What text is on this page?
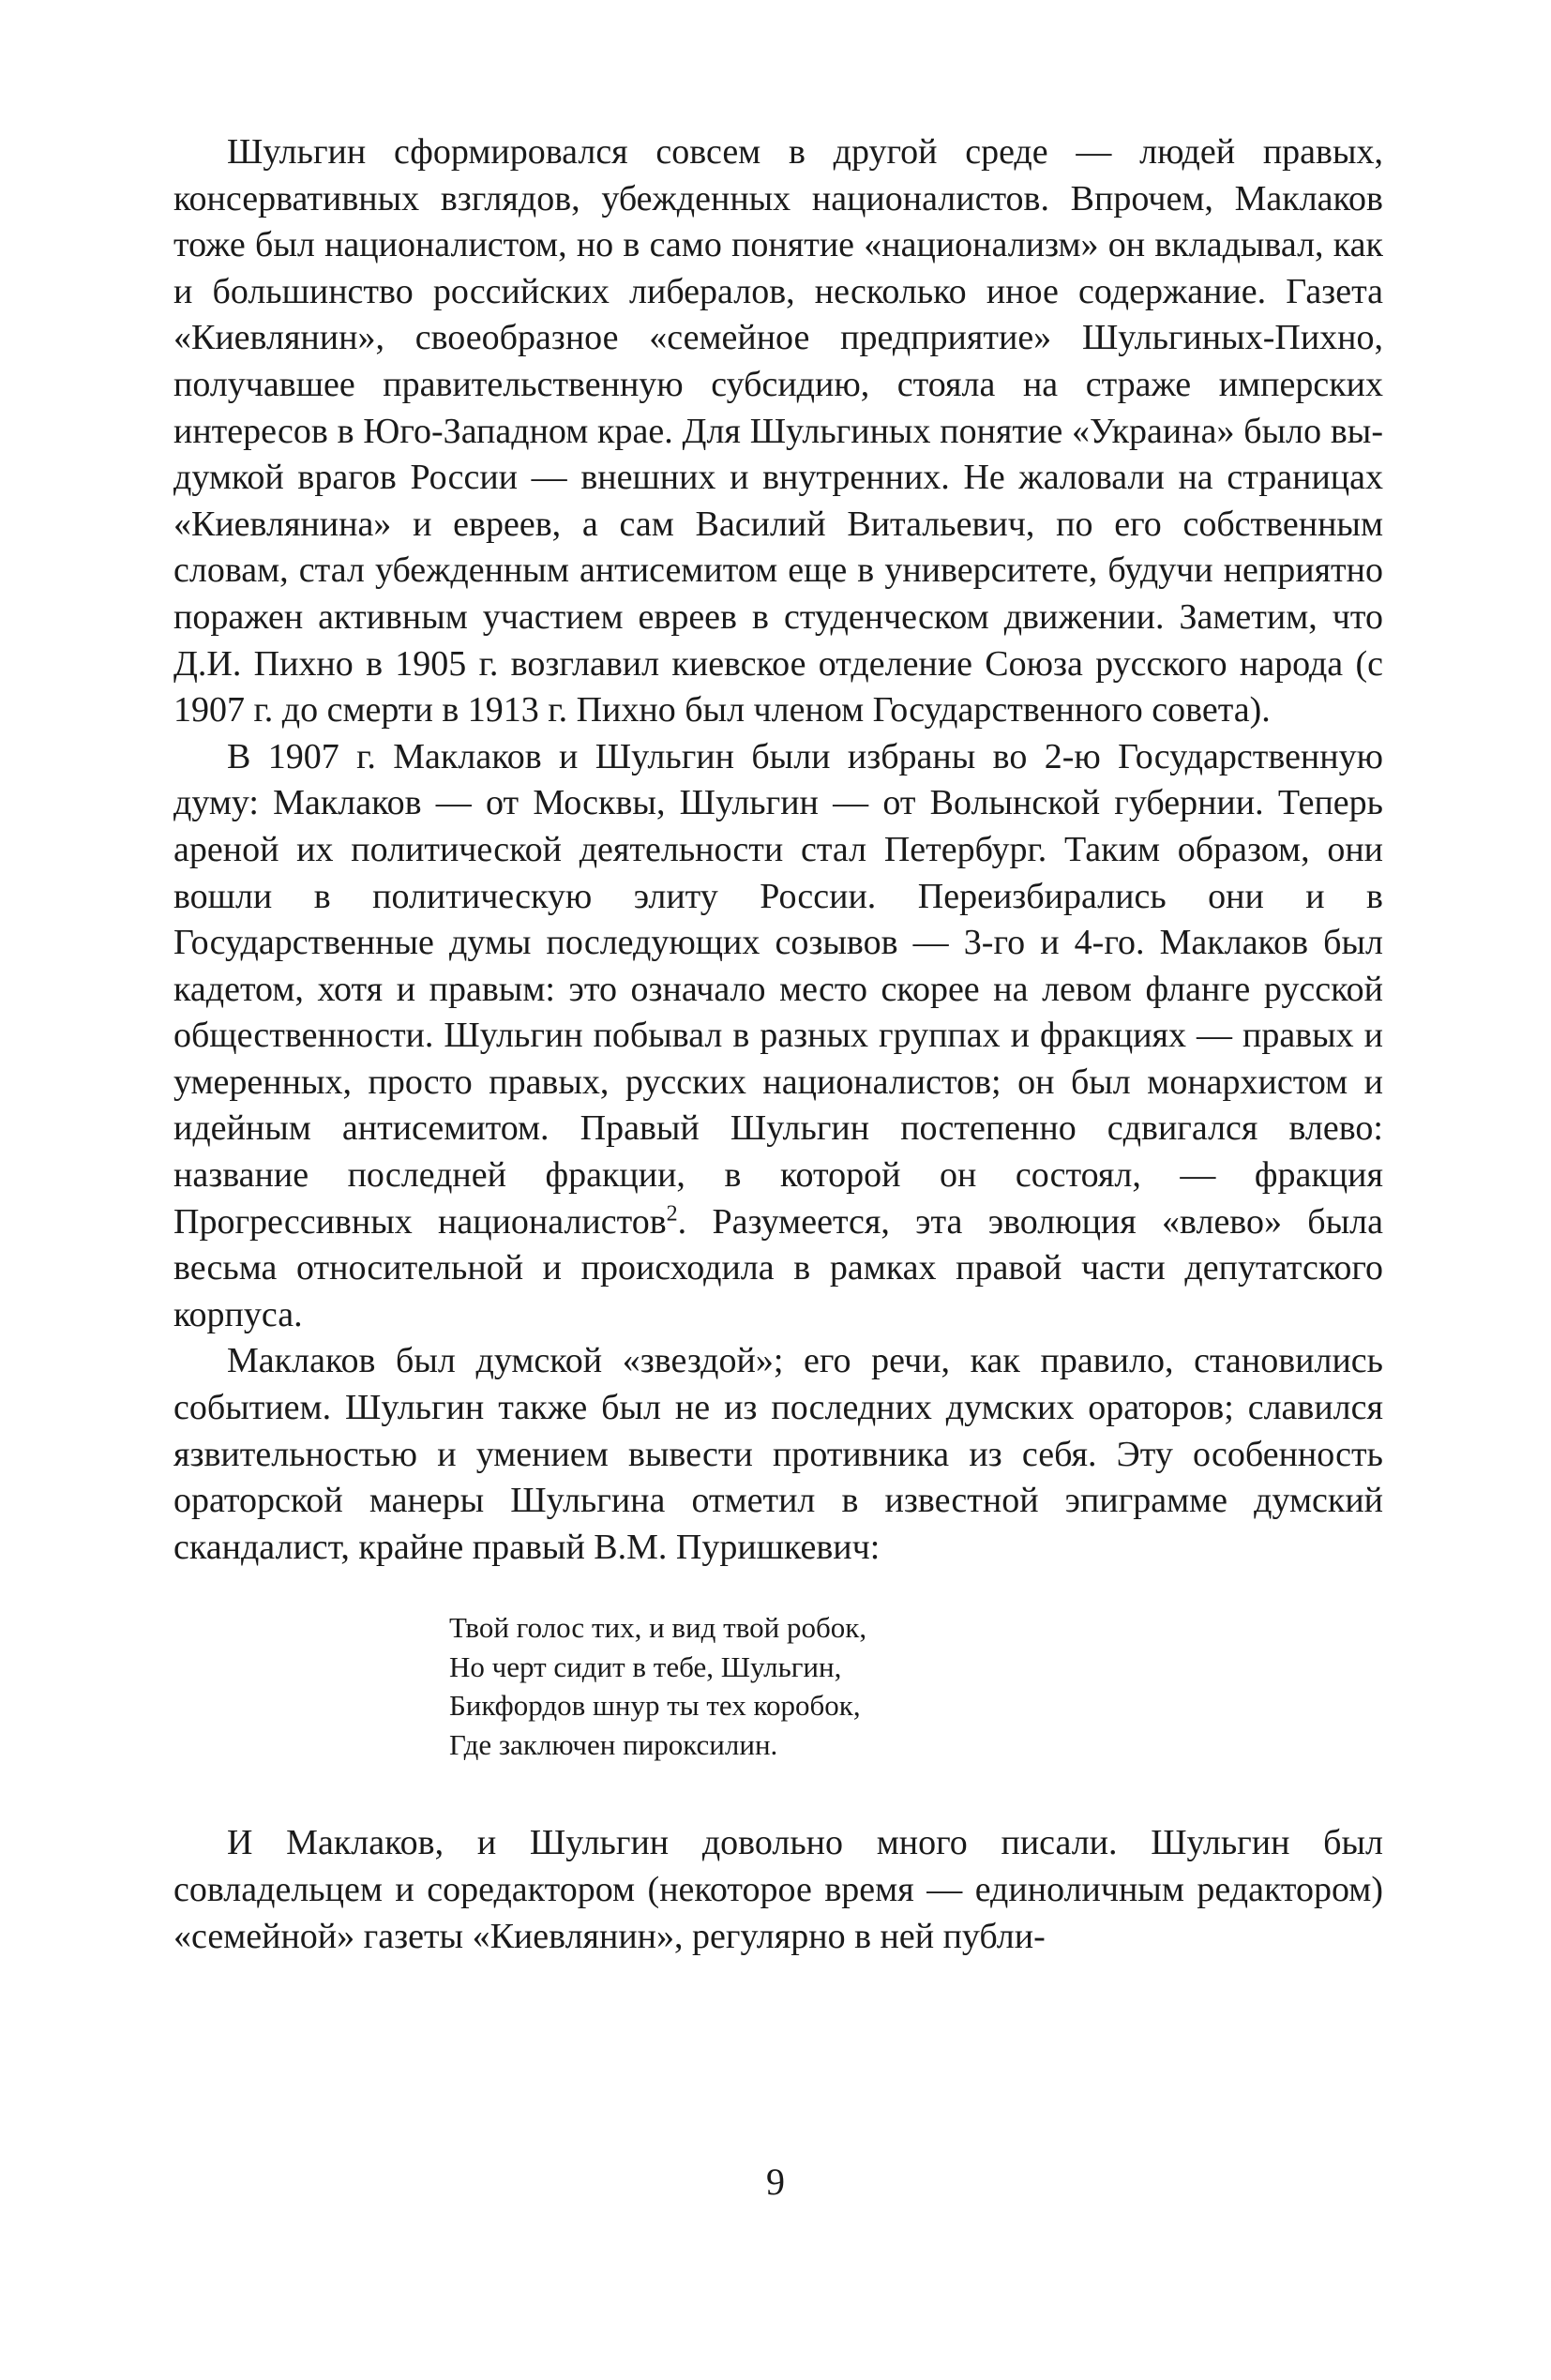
Шульгин сформировался совсем в другой среде — людей правых, консервативных взглядов, убежденных националистов. Впрочем, Маклаков тоже был националистом, но в само понятие «национализм» он вкладывал, как и большинство российских либералов, несколько иное содержание. Газета «Киевлянин», своеобразное «семейное предприятие» Шульгиных-Пихно, получавшее правительственную субсидию, стояла на страже имперских интересов в Юго-Западном крае. Для Шульгиных понятие «Украина» было выдумкой врагов России — внешних и внутренних. Не жаловали на страницах «Киевлянина» и евреев, а сам Василий Витальевич, по его собственным словам, стал убежденным антисемитом еще в университете, будучи неприятно поражен активным участием евреев в студенческом движении. Заметим, что Д.И. Пихно в 1905 г. возглавил киевское отделение Союза русского народа (с 1907 г. до смерти в 1913 г. Пихно был членом Государственного совета).

В 1907 г. Маклаков и Шульгин были избраны во 2-ю Государственную думу: Маклаков — от Москвы, Шульгин — от Волынской губернии. Теперь ареной их политической деятельности стал Петербург. Таким образом, они вошли в политическую элиту России. Переизбирались они и в Государственные думы последующих созывов — 3-го и 4-го. Маклаков был кадетом, хотя и правым: это означало место скорее на левом фланге русской общественности. Шульгин побывал в разных группах и фракциях — правых и умеренных, просто правых, русских националистов; он был монархистом и идейным антисемитом. Правый Шульгин постепенно сдвигался влево: название последней фракции, в которой он состоял, — фракция Прогрессивных националистов$^2$. Разумеется, эта эволюция «влево» была весьма относительной и происходила в рамках правой части депутатского корпуса.

Маклаков был думской «звездой»; его речи, как правило, становились событием. Шульгин также был не из последних думских ораторов; славился язвительностью и умением вывести противника из себя. Эту особенность ораторской манеры Шульгина отметил в известной эпиграмме думский скандалист, крайне правый В.М. Пуришкевич:

Твой голос тих, и вид твой робок,
Но черт сидит в тебе, Шульгин,
Бикфордов шнур ты тех коробок,
Где заключен пироксилин.

И Маклаков, и Шульгин довольно много писали. Шульгин был совладельцем и соредактором (некоторое время — единоличным редактором) «семейной» газеты «Киевлянин», регулярно в ней публи-

9
